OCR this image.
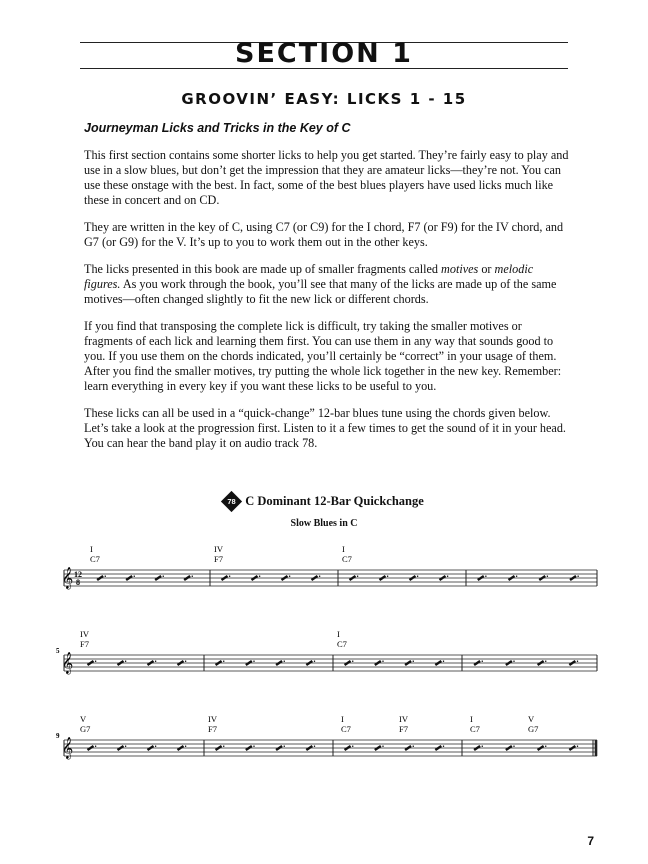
SECTION 1
GROOVIN’ EASY: LICKS 1 - 15
Journeyman Licks and Tricks in the Key of C

This first section contains some shorter licks to help you get started. They’re fairly easy to play and use in a slow blues, but don’t get the impression that they are amateur licks—they’re not. You can use these onstage with the best. In fact, some of the best blues players have used licks much like these in concert and on CD.

They are written in the key of C, using C7 (or C9) for the I chord, F7 (or F9) for the IV chord, and G7 (or G9) for the V. It’s up to you to work them out in the other keys.

The licks presented in this book are made up of smaller fragments called motives or melodic figures. As you work through the book, you’ll see that many of the licks are made up of the same motives—often changed slightly to fit the new lick or different chords.

If you find that transposing the complete lick is difficult, try taking the smaller motives or fragments of each lick and learning them first. You can use them in any way that sounds good to you. If you use them on the chords indicated, you’ll certainly be “correct” in your usage of them. After you find the smaller motives, try putting the whole lick together in the new key. Remember: learn everything in every key if you want these licks to be useful to you.

These licks can all be used in a “quick-change” 12-bar blues tune using the chords given below. Let’s take a look at the progression first. Listen to it a few times to get the sound of it in your head. You can hear the band play it on audio track 78.

78 C Dominant 12-Bar Quickchange
Slow Blues in C
𝄞 12
8
.	.	.	.
I
C7
.	.	.	.
IV
F7
.	.	.	.
I
C7
.	.	.	.
𝄞
5
.	.	.	.
IV
F7
.	.	.	.	.	.	.	.
I
C7
.	.	.	.
𝄞
9
.	.	.	.
V
G7
.	.	.	.
IV
F7
.	.	.	.
I
C7
IV
F7
.	.	.	.
I
C7
V
G7
7
